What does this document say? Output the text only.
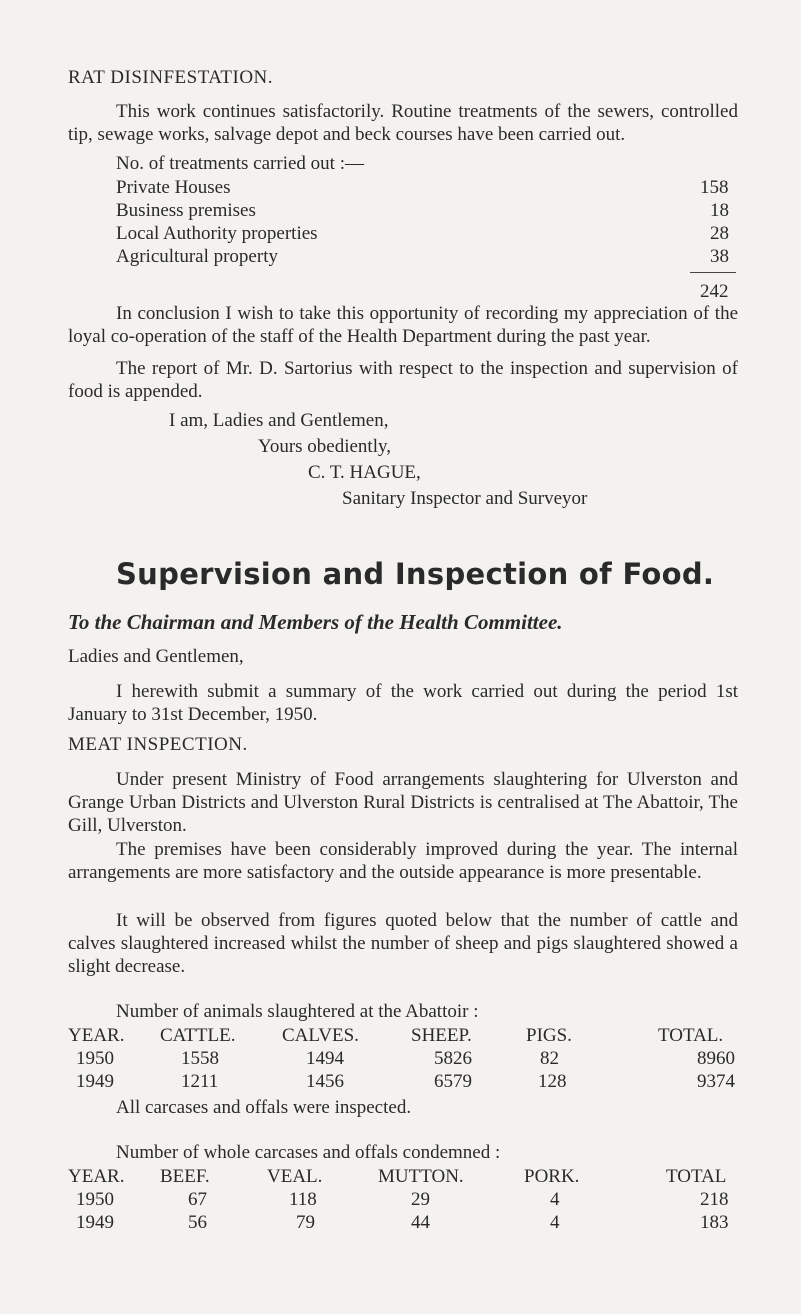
RAT DISINFESTATION.
This work continues satisfactorily. Routine treatments of the sewers, controlled tip, sewage works, salvage depot and beck courses have been carried out.
No. of treatments carried out :—
Private Houses	158
Business premises	18
Local Authority properties	28
Agricultural property	38
242
In conclusion I wish to take this opportunity of recording my appreciation of the loyal co-operation of the staff of the Health Department during the past year.
The report of Mr. D. Sartorius with respect to the inspection and supervision of food is appended.
I am, Ladies and Gentlemen,
Yours obediently,
C. T. HAGUE,
Sanitary Inspector and Surveyor
Supervision and Inspection of Food.
To the Chairman and Members of the Health Committee.
Ladies and Gentlemen,
I herewith submit a summary of the work carried out during the period 1st January to 31st December, 1950.
MEAT INSPECTION.
Under present Ministry of Food arrangements slaughtering for Ulverston and Grange Urban Districts and Ulverston Rural Districts is centralised at The Abattoir, The Gill, Ulverston.
The premises have been considerably improved during the year. The internal arrangements are more satisfactory and the outside appearance is more presentable.
It will be observed from figures quoted below that the number of cattle and calves slaughtered increased whilst the number of sheep and pigs slaughtered showed a slight decrease.
Number of animals slaughtered at the Abattoir :
YEAR. CATTLE. CALVES.	SHEEP.	PIGS.	TOTAL.
1950	1558	1494	5826	82	8960
1949	1211	1456	6579	128	9374
All carcases and offals were inspected.
Number of whole carcases and offals condemned :
YEAR. BEEF.	VEAL.	MUTTON.	PORK.	TOTAL
1950	67	118	29	4	218
1949	56	79	44	4	183
